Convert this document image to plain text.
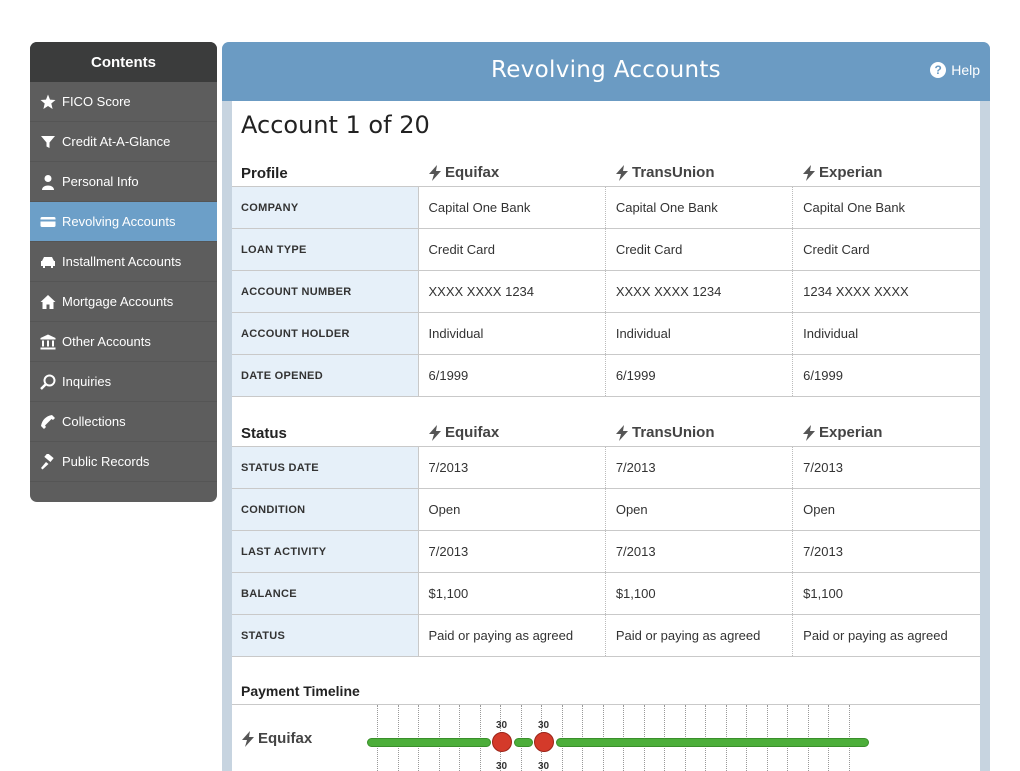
Contents
FICO Score
Credit At-A-Glance
Personal Info
Revolving Accounts
Installment Accounts
Mortgage Accounts
Other Accounts
Inquiries
Collections
Public Records
Revolving Accounts	? Help
Account 1 of 20
Profile	Equifax	TransUnion	Experian
COMPANY	Capital One Bank	Capital One Bank	Capital One Bank
LOAN TYPE	Credit Card	Credit Card	Credit Card
ACCOUNT NUMBER	XXXX XXXX 1234	XXXX XXXX 1234	1234 XXXX XXXX
ACCOUNT HOLDER	Individual	Individual	Individual
DATE OPENED	6/1999	6/1999	6/1999
Status	Equifax	TransUnion	Experian
STATUS DATE	7/2013	7/2013	7/2013
CONDITION	Open	Open	Open
LAST ACTIVITY	7/2013	7/2013	7/2013
BALANCE	$1,100	$1,100	$1,100
STATUS	Paid or paying as agreed	Paid or paying as agreed	Paid or paying as agreed
Payment Timeline
Equifax
30
30
30
30
